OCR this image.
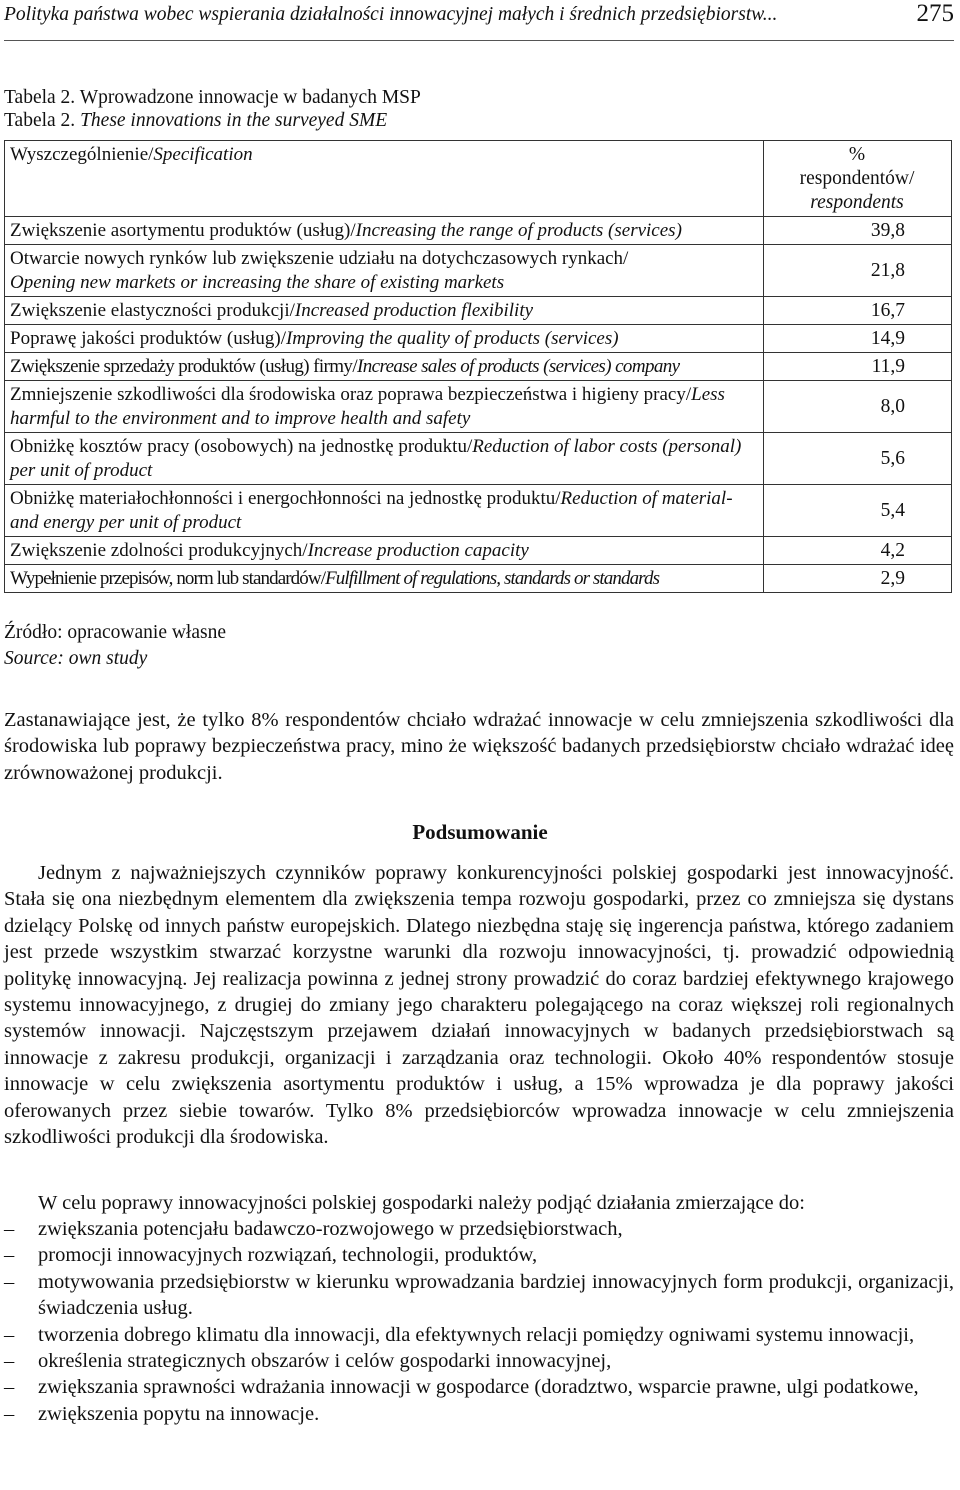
Polityka państwa wobec wspierania działalności innowacyjnej małych i średnich przedsiębiorstw...	275
Tabela 2. Wprowadzone innowacje w badanych MSP
Tabela 2. These innovations in the surveyed SME
Wyszczególnienie/Specification	%
respondentów/
respondents

Zwiększenie asortymentu produktów (usług)/Increasing the range of products (services)	39,8
Otwarcie nowych rynków lub zwiększenie udziału na dotychczasowych rynkach/
Opening new markets or increasing the share of existing markets	21,8
Zwiększenie elastyczności produkcji/Increased production flexibility	16,7
Poprawę jakości produktów (usług)/Improving the quality of products (services)	14,9
Zwiększenie sprzedaży produktów (usług) firmy/Increase sales of products (services) company	11,9
Zmniejszenie szkodliwości dla środowiska oraz poprawa bezpieczeństwa i higieny pracy/Less harmful to the environment and to improve health and safety	8,0
Obniżkę kosztów pracy (osobowych) na jednostkę produktu/Reduction of labor costs (personal) per unit of product	5,6
Obniżkę materiałochłonności i energochłonności na jednostkę produktu/Reduction of material-and energy per unit of product	5,4
Zwiększenie zdolności produkcyjnych/Increase production capacity	4,2
Wypełnienie przepisów, norm lub standardów/Fulfillment of regulations, standards or standards	2,9
Źródło: opracowanie własne
Source: own study

Zastanawiające jest, że tylko 8% respondentów chciało wdrażać innowacje w celu zmniejszenia szkodliwości dla środowiska lub poprawy bezpieczeństwa pracy, mino że większość badanych przedsiębiorstw chciało wdrażać ideę zrównoważonej produkcji.

Podsumowanie

Jednym z najważniejszych czynników poprawy konkurencyjności polskiej gospodarki jest innowacyjność. Stała się ona niezbędnym elementem dla zwiększenia tempa rozwoju gospodarki, przez co zmniejsza się dystans dzielący Polskę od innych państw europejskich. Dlatego niezbędna staję się ingerencja państwa, którego zadaniem jest przede wszystkim stwarzać korzystne warunki dla rozwoju innowacyjności, tj. prowadzić odpowiednią politykę innowacyjną. Jej realizacja powinna z jednej strony prowadzić do coraz bardziej efektywnego krajowego systemu innowacyjnego, z drugiej do zmiany jego charakteru polegającego na coraz większej roli regionalnych systemów innowacji. Najczęstszym przejawem działań innowacyjnych w badanych przedsiębiorstwach są innowacje z zakresu produkcji, organizacji i zarządzania oraz technologii. Około 40% respondentów stosuje innowacje w celu zwiększenia asortymentu produktów i usług, a 15% wprowadza je dla poprawy jakości oferowanych przez siebie towarów. Tylko 8% przedsiębiorców wprowadza innowacje w celu zmniejszenia szkodliwości produkcji dla środowiska.

W celu poprawy innowacyjności polskiej gospodarki należy podjąć działania zmierzające do:

– zwiększania potencjału badawczo-rozwojowego w przedsiębiorstwach,
– promocji innowacyjnych rozwiązań, technologii, produktów,
– motywowania przedsiębiorstw w kierunku wprowadzania bardziej innowacyjnych form produkcji, organizacji, świadczenia usług.
– tworzenia dobrego klimatu dla innowacji, dla efektywnych relacji pomiędzy ogniwami systemu innowacji,
– określenia strategicznych obszarów i celów gospodarki innowacyjnej,
– zwiększania sprawności wdrażania innowacji w gospodarce (doradztwo, wsparcie prawne, ulgi podatkowe,
– zwiększenia popytu na innowacje.
